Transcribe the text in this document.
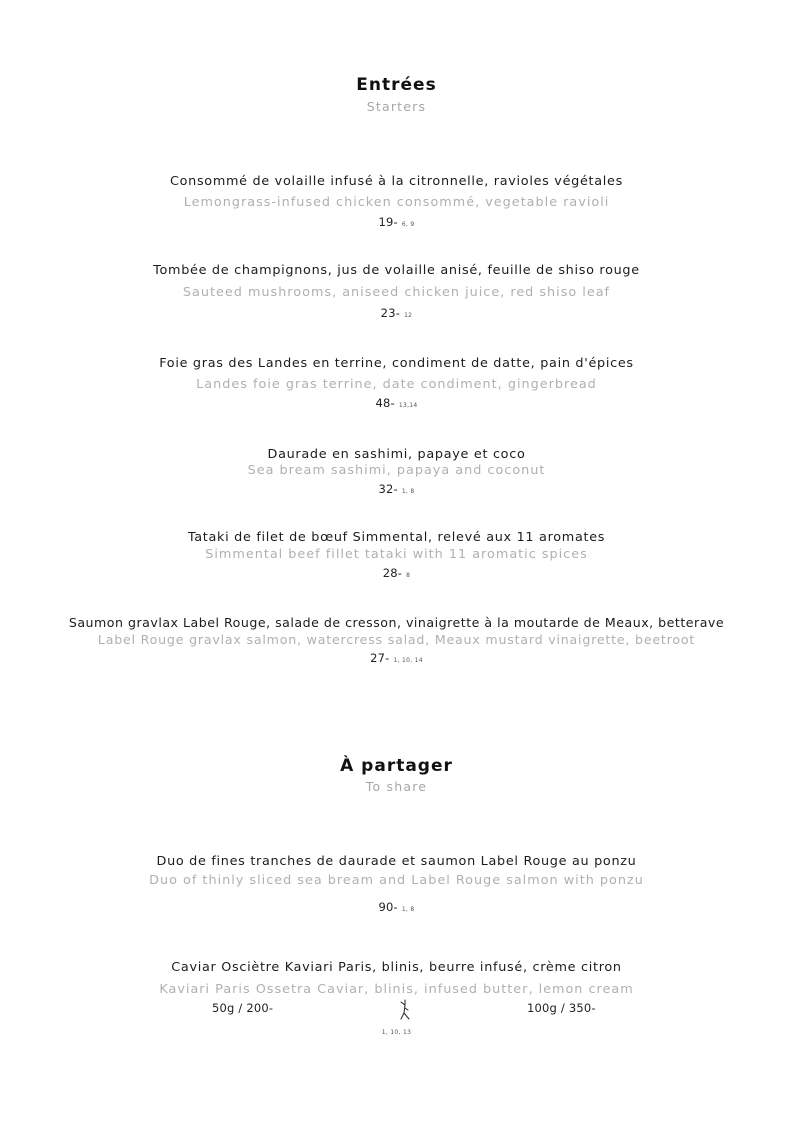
Entrées
Starters
Consommé de volaille infusé à la citronnelle, ravioles végétales
Lemongrass-infused chicken consommé, vegetable ravioli
19- 6, 9
Tombée de champignons, jus de volaille anisé, feuille de shiso rouge
Sauteed mushrooms, aniseed chicken juice, red shiso leaf
23- 12
Foie gras des Landes en terrine, condiment de datte, pain d'épices
Landes foie gras terrine, date condiment, gingerbread
48- 13,14
Daurade en sashimi, papaye et coco
Sea bream sashimi, papaya and coconut
32- 1, 8
Tataki de filet de bœuf Simmental, relevé aux 11 aromates
Simmental beef fillet tataki with 11 aromatic spices
28- 8
Saumon gravlax Label Rouge, salade de cresson, vinaigrette à la moutarde de Meaux, betterave
Label Rouge gravlax salmon, watercress salad, Meaux mustard vinaigrette, beetroot
27- 1, 10, 14
À partager
To share
Duo de fines tranches de daurade et saumon Label Rouge au ponzu
Duo of thinly sliced sea bream and Label Rouge salmon with ponzu
90- 1, 8
Caviar Osciètre Kaviari Paris, blinis, beurre infusé, crème citron
Kaviari Paris Ossetra Caviar, blinis, infused butter, lemon cream
50g / 200-	100g / 350-
1, 10, 13
